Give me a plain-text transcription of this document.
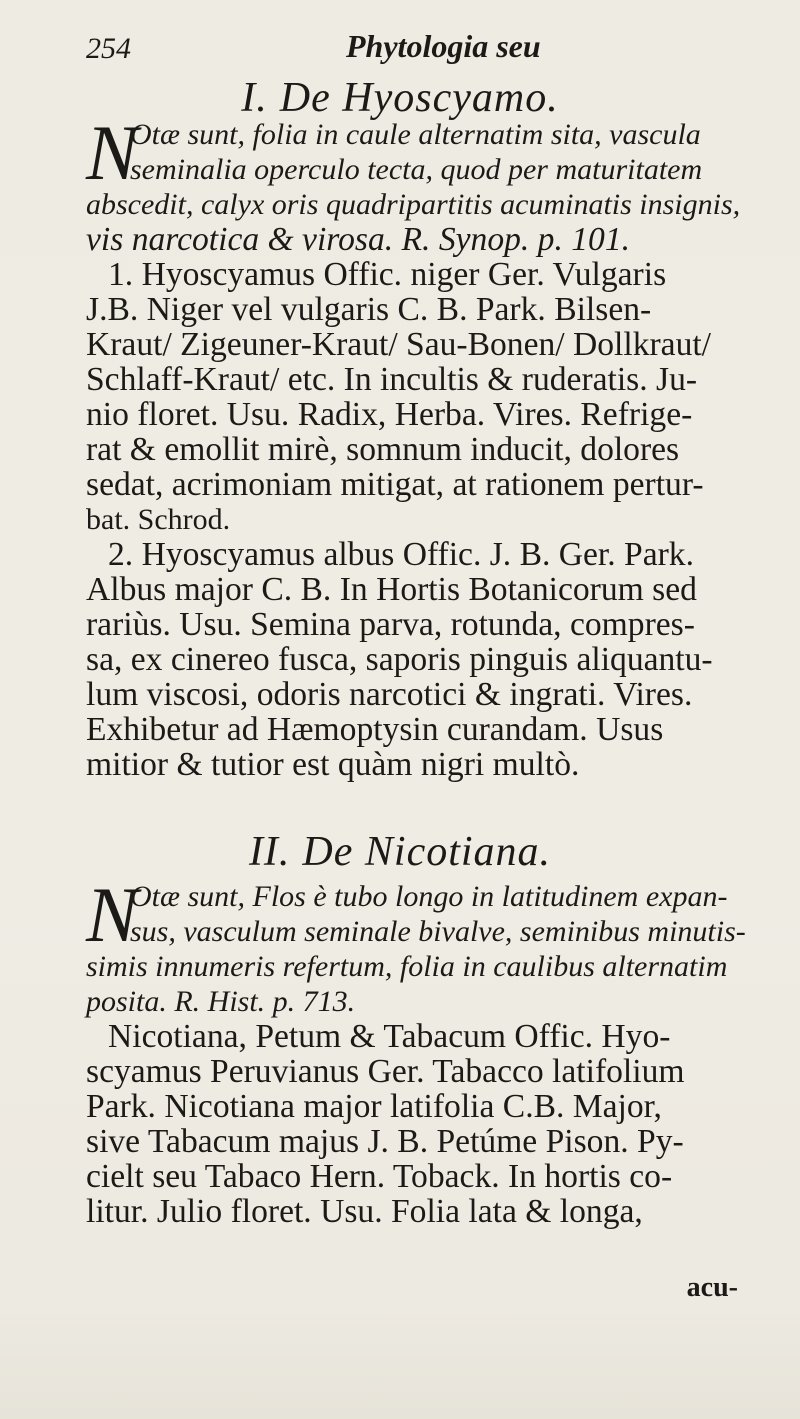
254	Phytologia seu
I. De Hyoscyamo.
N
Otæ sunt, folia in caule alternatim sita, vascula
seminalia operculo tecta, quod per maturitatem
abscedit, calyx oris quadripartitis acuminatis insignis,
vis narcotica & virosa. R. Synop. p. 101.
1. Hyoscyamus Offic. niger Ger. Vulgaris
J.B. Niger vel vulgaris C. B. Park. Bilsen-
Kraut/ Zigeuner-Kraut/ Sau-Bonen/ Dollkraut/
Schlaff-Kraut/ etc. In incultis & ruderatis. Ju-
nio floret. Usu. Radix, Herba. Vires. Refrige-
rat & emollit mirè, somnum inducit, dolores
sedat, acrimoniam mitigat, at rationem pertur-
bat. Schrod.
2. Hyoscyamus albus Offic. J. B. Ger. Park.
Albus major C. B. In Hortis Botanicorum sed
rariùs. Usu. Semina parva, rotunda, compres-
sa, ex cinereo fusca, saporis pinguis aliquantu-
lum viscosi, odoris narcotici & ingrati. Vires.
Exhibetur ad Hæmoptysin curandam. Usus
mitior & tutior est quàm nigri multò.
II. De Nicotiana.
N
Otæ sunt, Flos è tubo longo in latitudinem expan-
sus, vasculum seminale bivalve, seminibus minutis-
simis innumeris refertum, folia in caulibus alternatim
posita. R. Hist. p. 713.
Nicotiana, Petum & Tabacum Offic. Hyo-
scyamus Peruvianus Ger. Tabacco latifolium
Park. Nicotiana major latifolia C.B. Major,
sive Tabacum majus J. B. Petúme Pison. Py-
cielt seu Tabaco Hern. Toback. In hortis co-
litur. Julio floret. Usu. Folia lata & longa,
acu-
